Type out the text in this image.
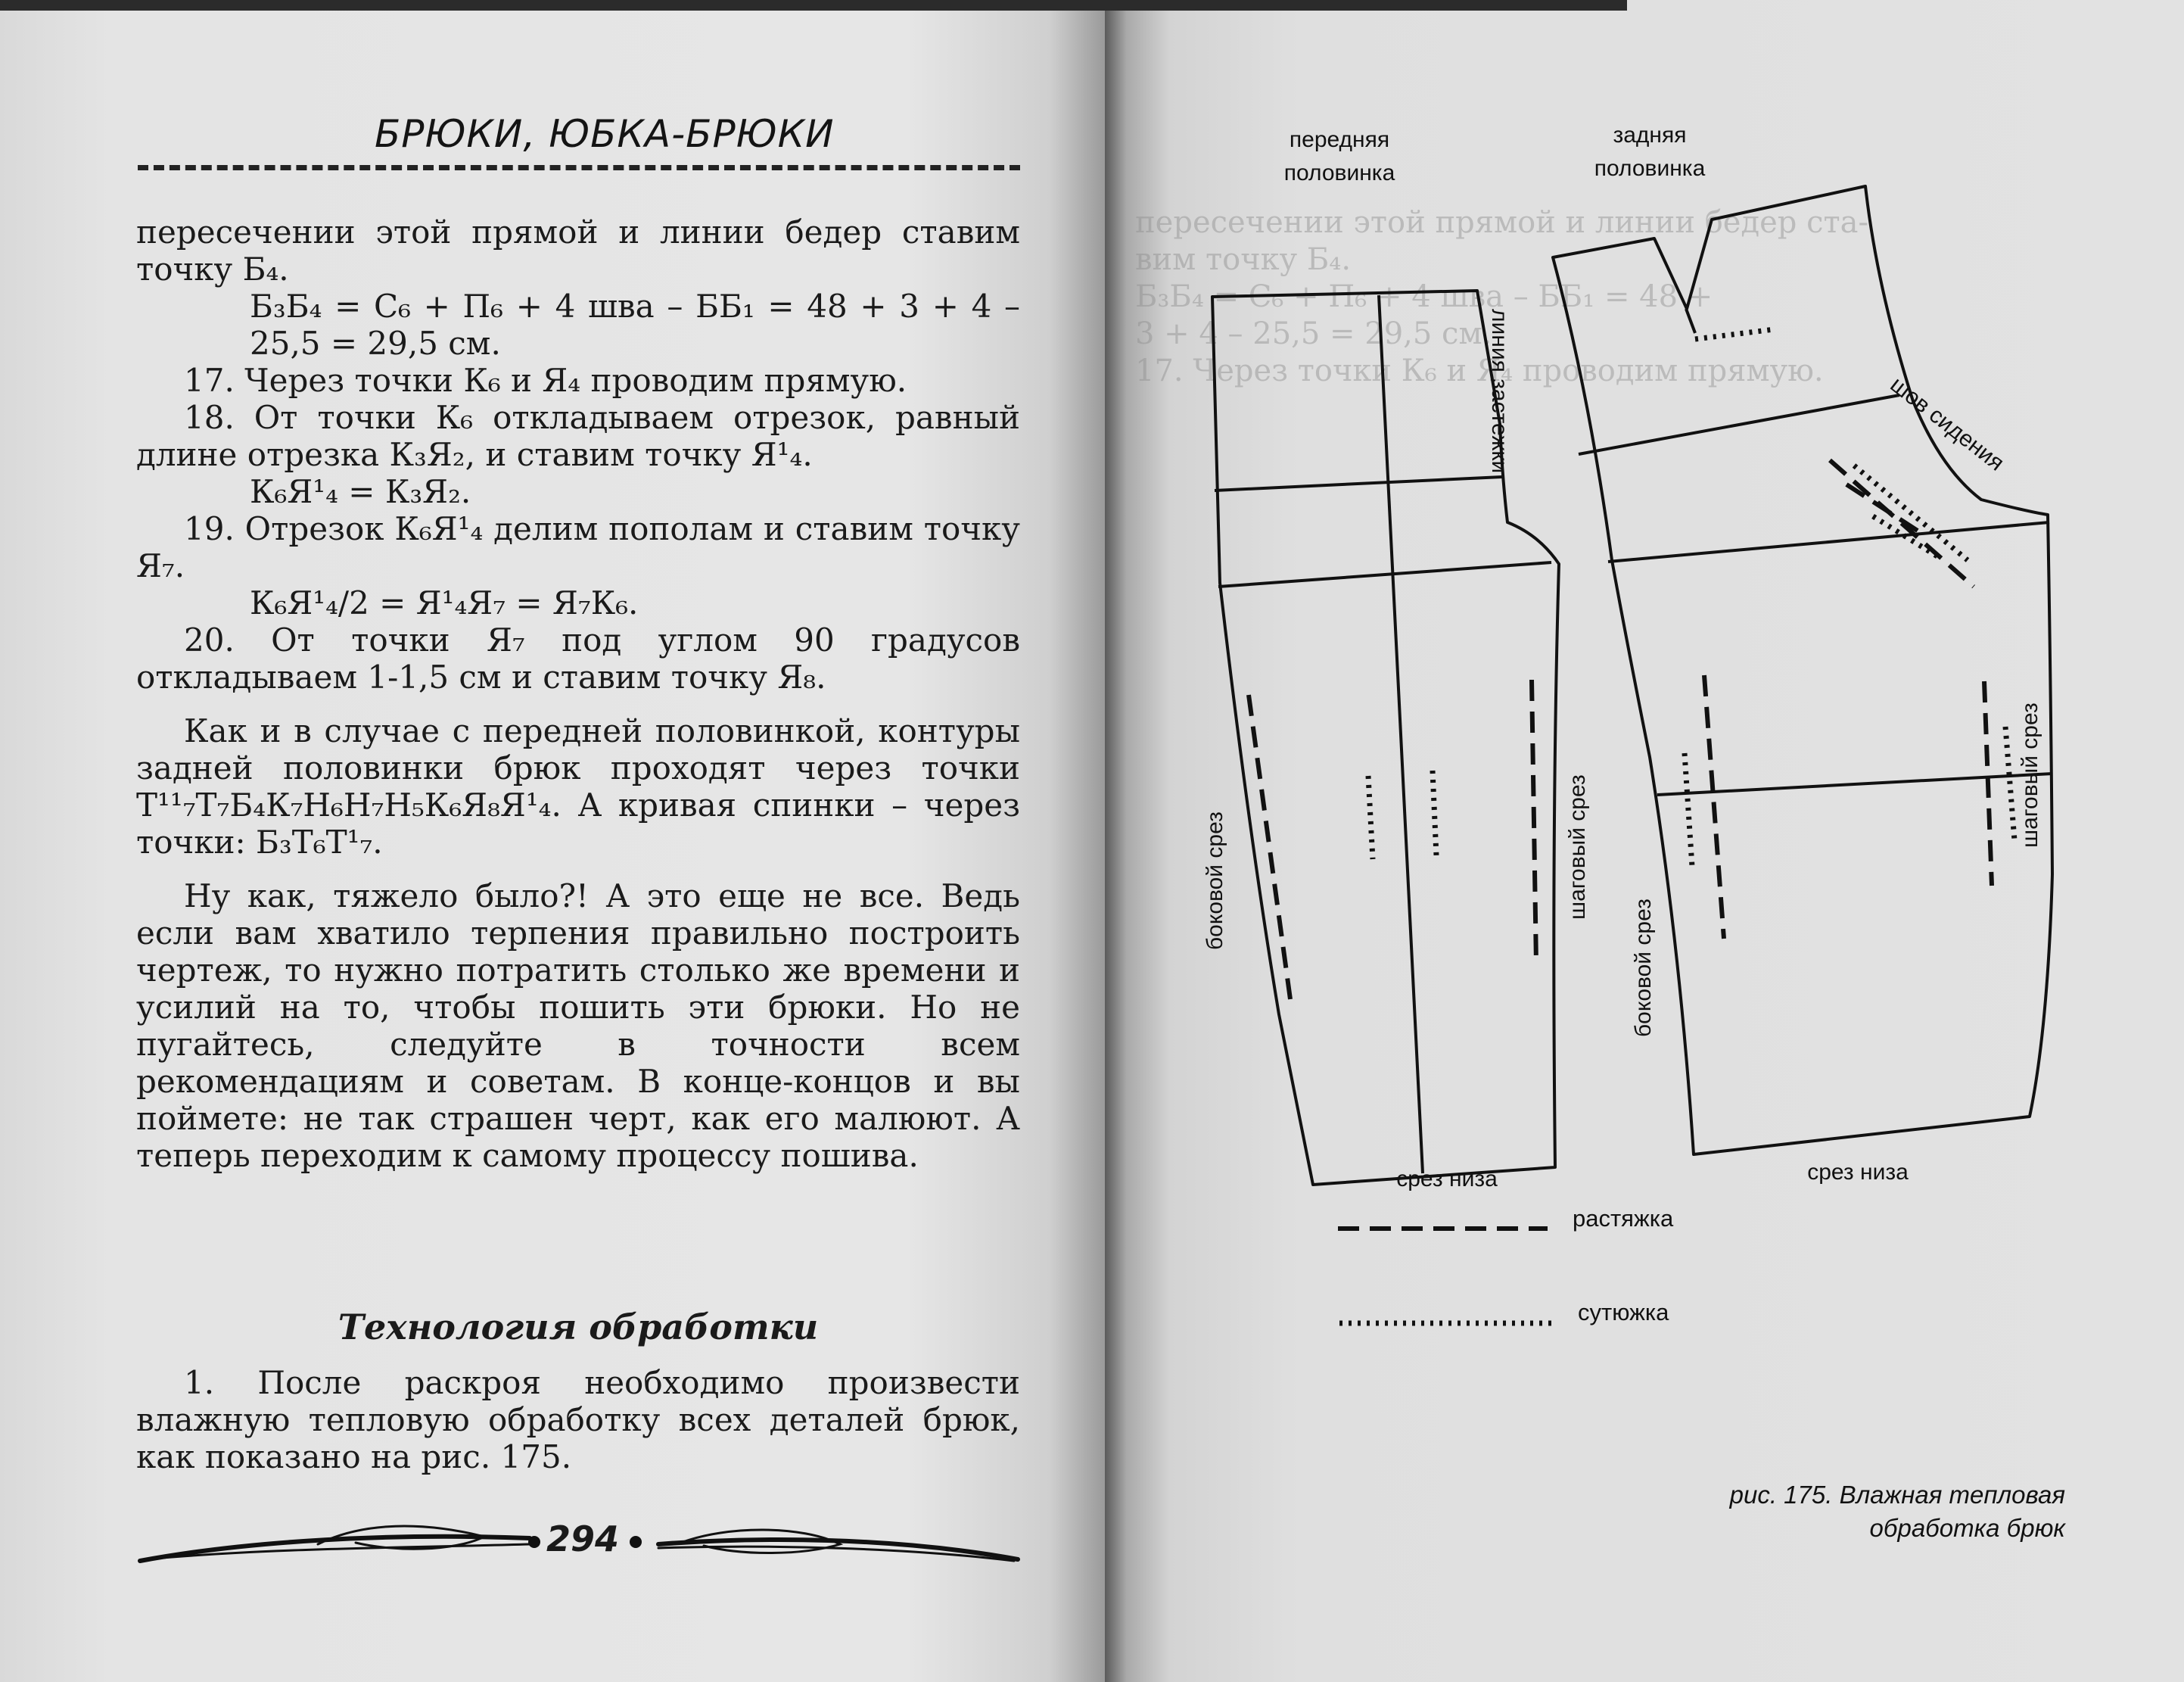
БРЮКИ, ЮБКА-БРЮКИ

пересечении этой прямой и линии бедер ставим точку Б₄.

Б₃Б₄ = С₆ + П₆ + 4 шва – ББ₁ = 48 + 3 + 4 – 25,5 = 29,5 см.

17. Через точки К₆ и Я₄ проводим прямую.

18. От точки К₆ откладываем отрезок, равный длине отрезка К₃Я₂, и ставим точку Я¹₄.

К₆Я¹₄ = К₃Я₂.

19. Отрезок К₆Я¹₄ делим пополам и ставим точку Я₇.

К₆Я¹₄/2 = Я¹₄Я₇ = Я₇К₆.

20. От точки Я₇ под углом 90 градусов откладываем 1-1,5 см и ставим точку Я₈.

Как и в случае с передней половинкой, контуры задней половинки брюк проходят через точки Т¹¹₇Т₇Б₄К₇Н₆Н₇Н₅К₆Я₈Я¹₄. А кривая спинки – через точки: Б₃Т₆Т¹₇.

Ну как, тяжело было?! А это еще не все. Ведь если вам хватило терпения правильно построить чертеж, то нужно потратить столько же времени и усилий на то, чтобы пошить эти брюки. Но не пугайтесь, следуйте в точности всем рекомендациям и советам. В конце-концов и вы поймете: не так страшен черт, как его малюют. А теперь переходим к самому процессу пошива.

Технология обработки

1. После раскроя необходимо произвести влажную тепловую обработку всех деталей брюк, как показано на рис. 175.

294

пересечении этой прямой и линии бедер ста-

вим точку Б₄.

Б₃Б₄ = С₆ + П₆ + 4 шва – ББ₁ = 48 +

3 + 4 – 25,5 = 29,5 см.

17. Через точки К₆ и Я₄ проводим прямую.

передняя
половинка
задняя
половинка
линия застежки	шов сидения
боковой срез	шаговый срез
боковой срез
шаговый срез
срез низа	срез низа
растяжка
сутюжка
рис. 175. Влажная тепловая
обработка брюк
